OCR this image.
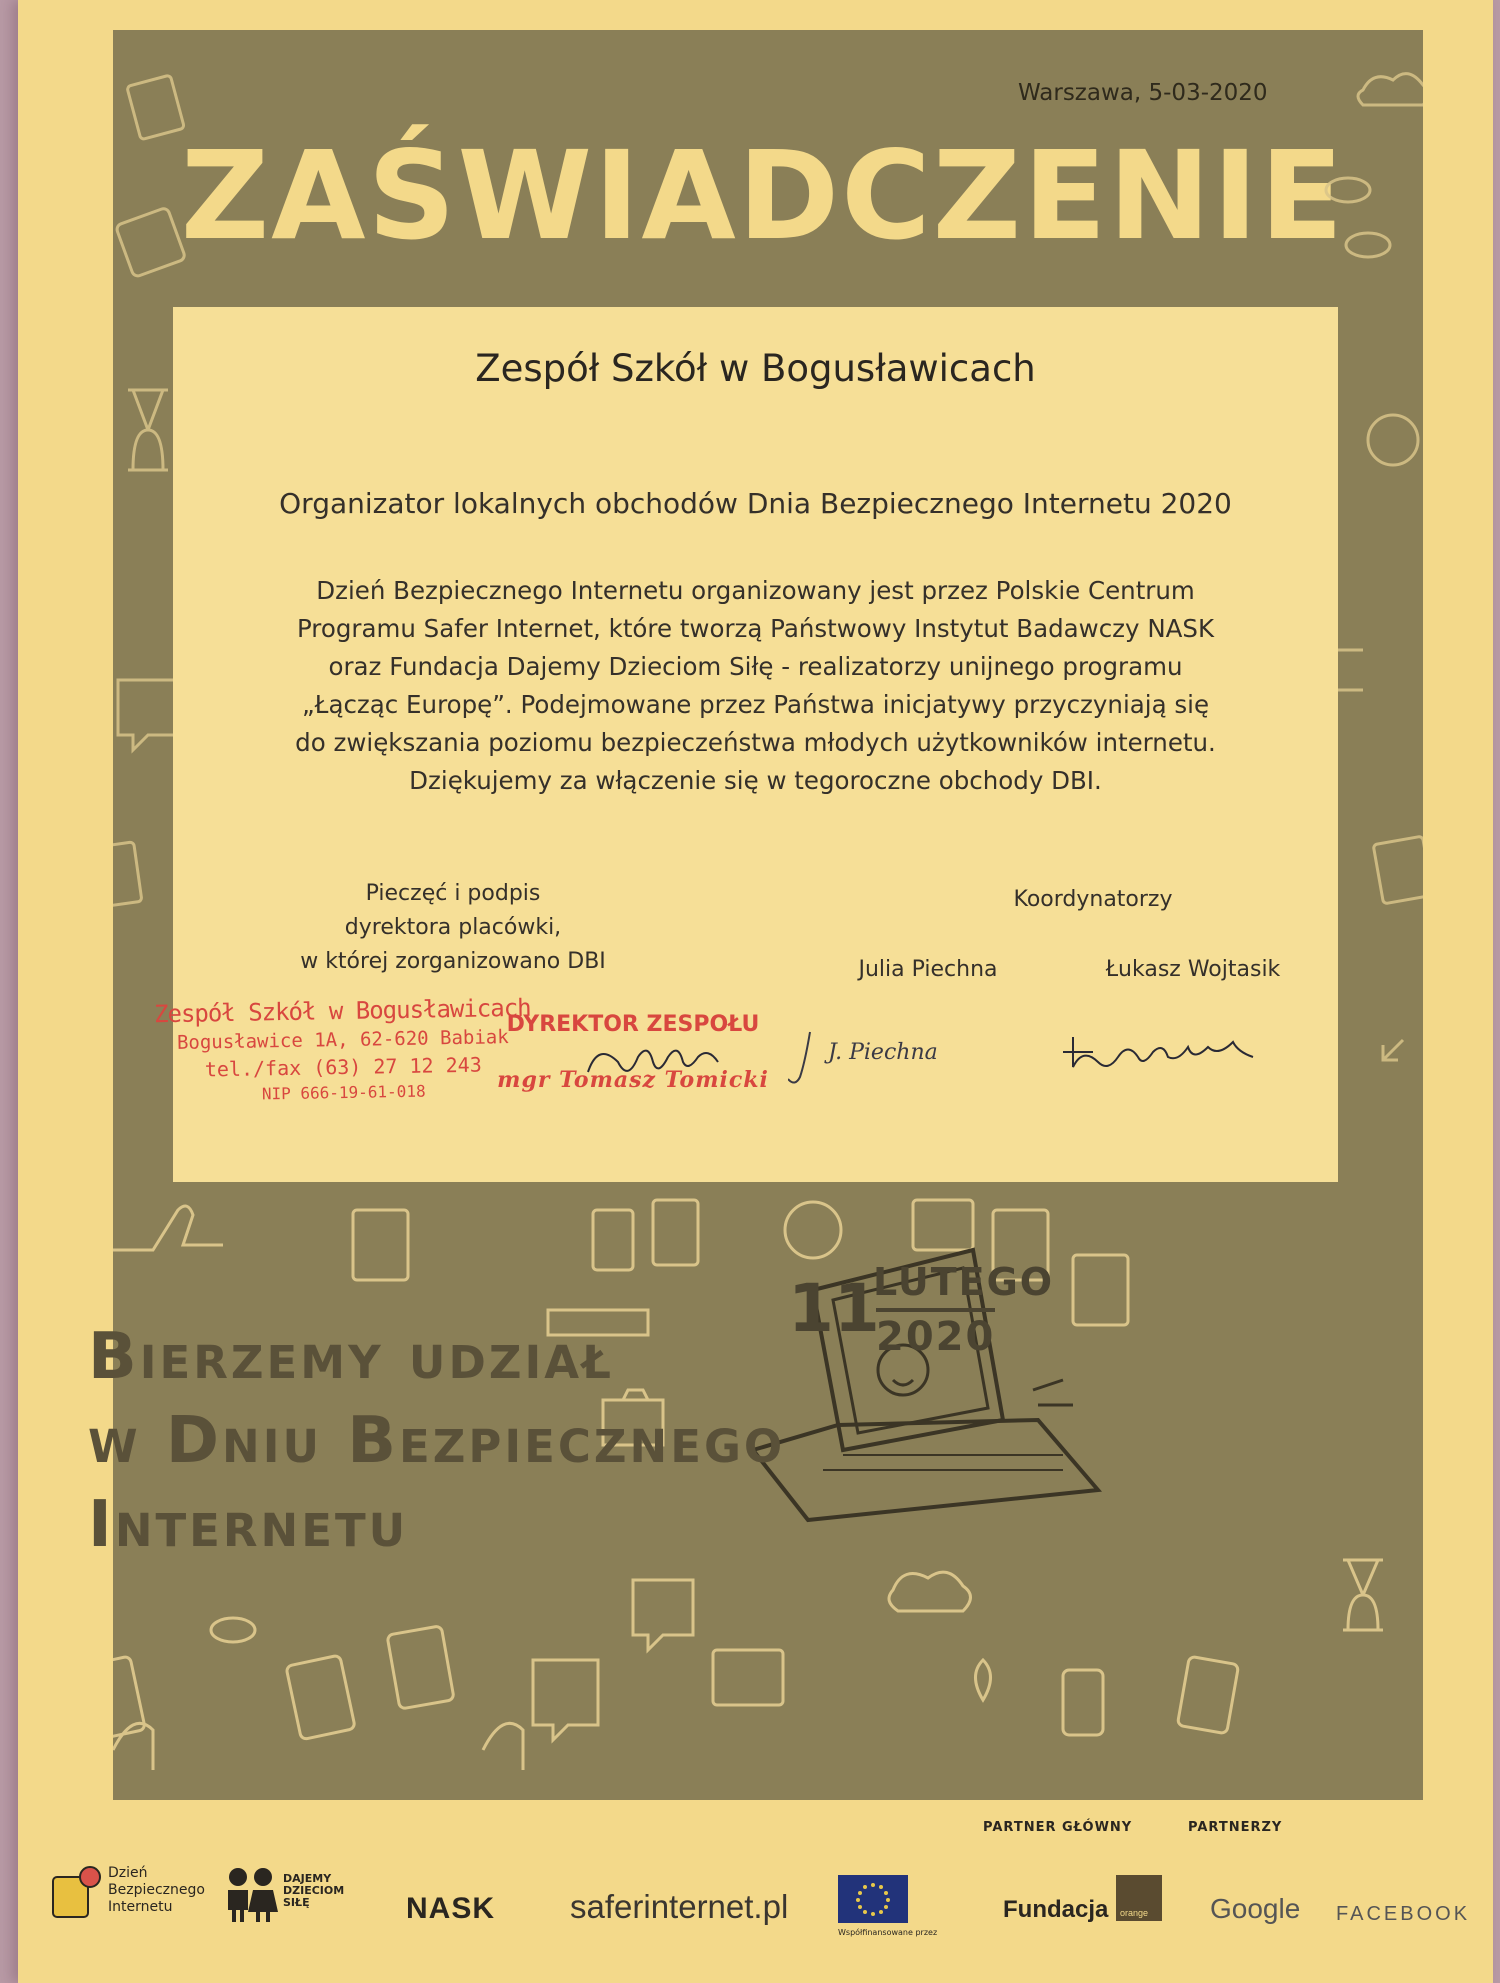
Warszawa, 5-03-2020
ZAŚWIADCZENIE
Zespół Szkół w Bogusławicach
Organizator lokalnych obchodów Dnia Bezpiecznego Internetu 2020
Dzień Bezpiecznego Internetu organizowany jest przez Polskie Centrum
Programu Safer Internet, które tworzą Państwowy Instytut Badawczy NASK
oraz Fundacja Dajemy Dzieciom Siłę - realizatorzy unijnego programu
„Łącząc Europę”. Podejmowane przez Państwa inicjatywy przyczyniają się
do zwiększania poziomu bezpieczeństwa młodych użytkowników internetu.
Dziękujemy za włączenie się w tegoroczne obchody DBI.
Pieczęć i podpis
dyrektora placówki,
w której zorganizowano DBI
Koordynatorzy
Julia Piechna	Łukasz Wojtasik
Zespół Szkół w Bogusławicach
Bogusławice 1A, 62-620 Babiak
tel./fax (63) 27 12 243
NIP 666-19-61-018
DYREKTOR ZESPOŁU
mgr Tomasz Tomicki
J. Piechna
Bierzemy udział
w Dniu Bezpiecznego
Internetu
11
LUTEGO
2020
PARTNER GŁÓWNY	PARTNERZY
Dzień
Bezpiecznego
Internetu
DAJEMY
DZIECIOM
SIŁĘ	NASK saferinternet.pl
Współfinansowane przez
Fundacja orange Google FACEBOOK
